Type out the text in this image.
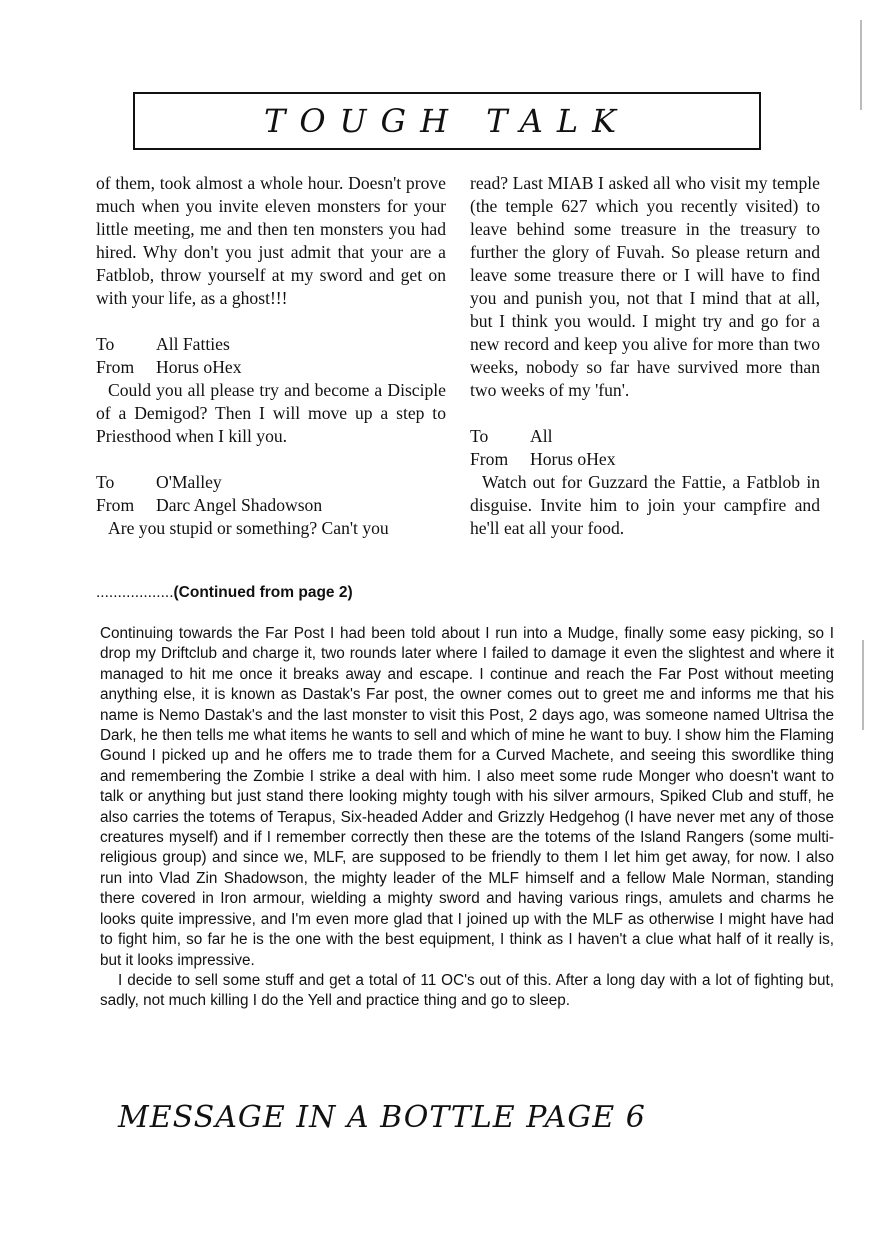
TOUGH TALK

of them, took almost a whole hour. Doesn't prove much when you invite eleven monsters for your little meeting, me and then ten monsters you had hired. Why don't you just admit that your are a Fatblob, throw yourself at my sword and get on with your life, as a ghost!!!

To All Fatties
From Horus oHex

Could you all please try and become a Disciple of a Demigod? Then I will move up a step to Priesthood when I kill you.

To O'Malley
From Darc Angel Shadowson

Are you stupid or something? Can't you

read? Last MIAB I asked all who visit my temple (the temple 627 which you recently visited) to leave behind some treasure in the treasury to further the glory of Fuvah. So please return and leave some treasure there or I will have to find you and punish you, not that I mind that at all, but I think you would. I might try and go for a new record and keep you alive for more than two weeks, nobody so far have survived more than two weeks of my 'fun'.

To All
From Horus oHex

Watch out for Guzzard the Fattie, a Fatblob in disguise. Invite him to join your campfire and he'll eat all your food.

..................(Continued from page 2)

Continuing towards the Far Post I had been told about I run into a Mudge, finally some easy picking, so I drop my Driftclub and charge it, two rounds later where I failed to damage it even the slightest and where it managed to hit me once it breaks away and escape. I continue and reach the Far Post without meeting anything else, it is known as Dastak's Far post, the owner comes out to greet me and informs me that his name is Nemo Dastak's and the last monster to visit this Post, 2 days ago, was someone named Ultrisa the Dark, he then tells me what items he wants to sell and which of mine he want to buy. I show him the Flaming Gound I picked up and he offers me to trade them for a Curved Machete, and seeing this swordlike thing and remembering the Zombie I strike a deal with him. I also meet some rude Monger who doesn't want to talk or anything but just stand there looking mighty tough with his silver armours, Spiked Club and stuff, he also carries the totems of Terapus, Six-headed Adder and Grizzly Hedgehog (I have never met any of those creatures myself) and if I remember correctly then these are the totems of the Island Rangers (some multi-religious group) and since we, MLF, are supposed to be friendly to them I let him get away, for now. I also run into Vlad Zin Shadowson, the mighty leader of the MLF himself and a fellow Male Norman, standing there covered in Iron armour, wielding a mighty sword and having various rings, amulets and charms he looks quite impressive, and I'm even more glad that I joined up with the MLF as otherwise I might have had to fight him, so far he is the one with the best equipment, I think as I haven't a clue what half of it really is, but it looks impressive.

I decide to sell some stuff and get a total of 11 OC's out of this. After a long day with a lot of fighting but, sadly, not much killing I do the Yell and practice thing and go to sleep.

MESSAGE IN A BOTTLE PAGE 6
